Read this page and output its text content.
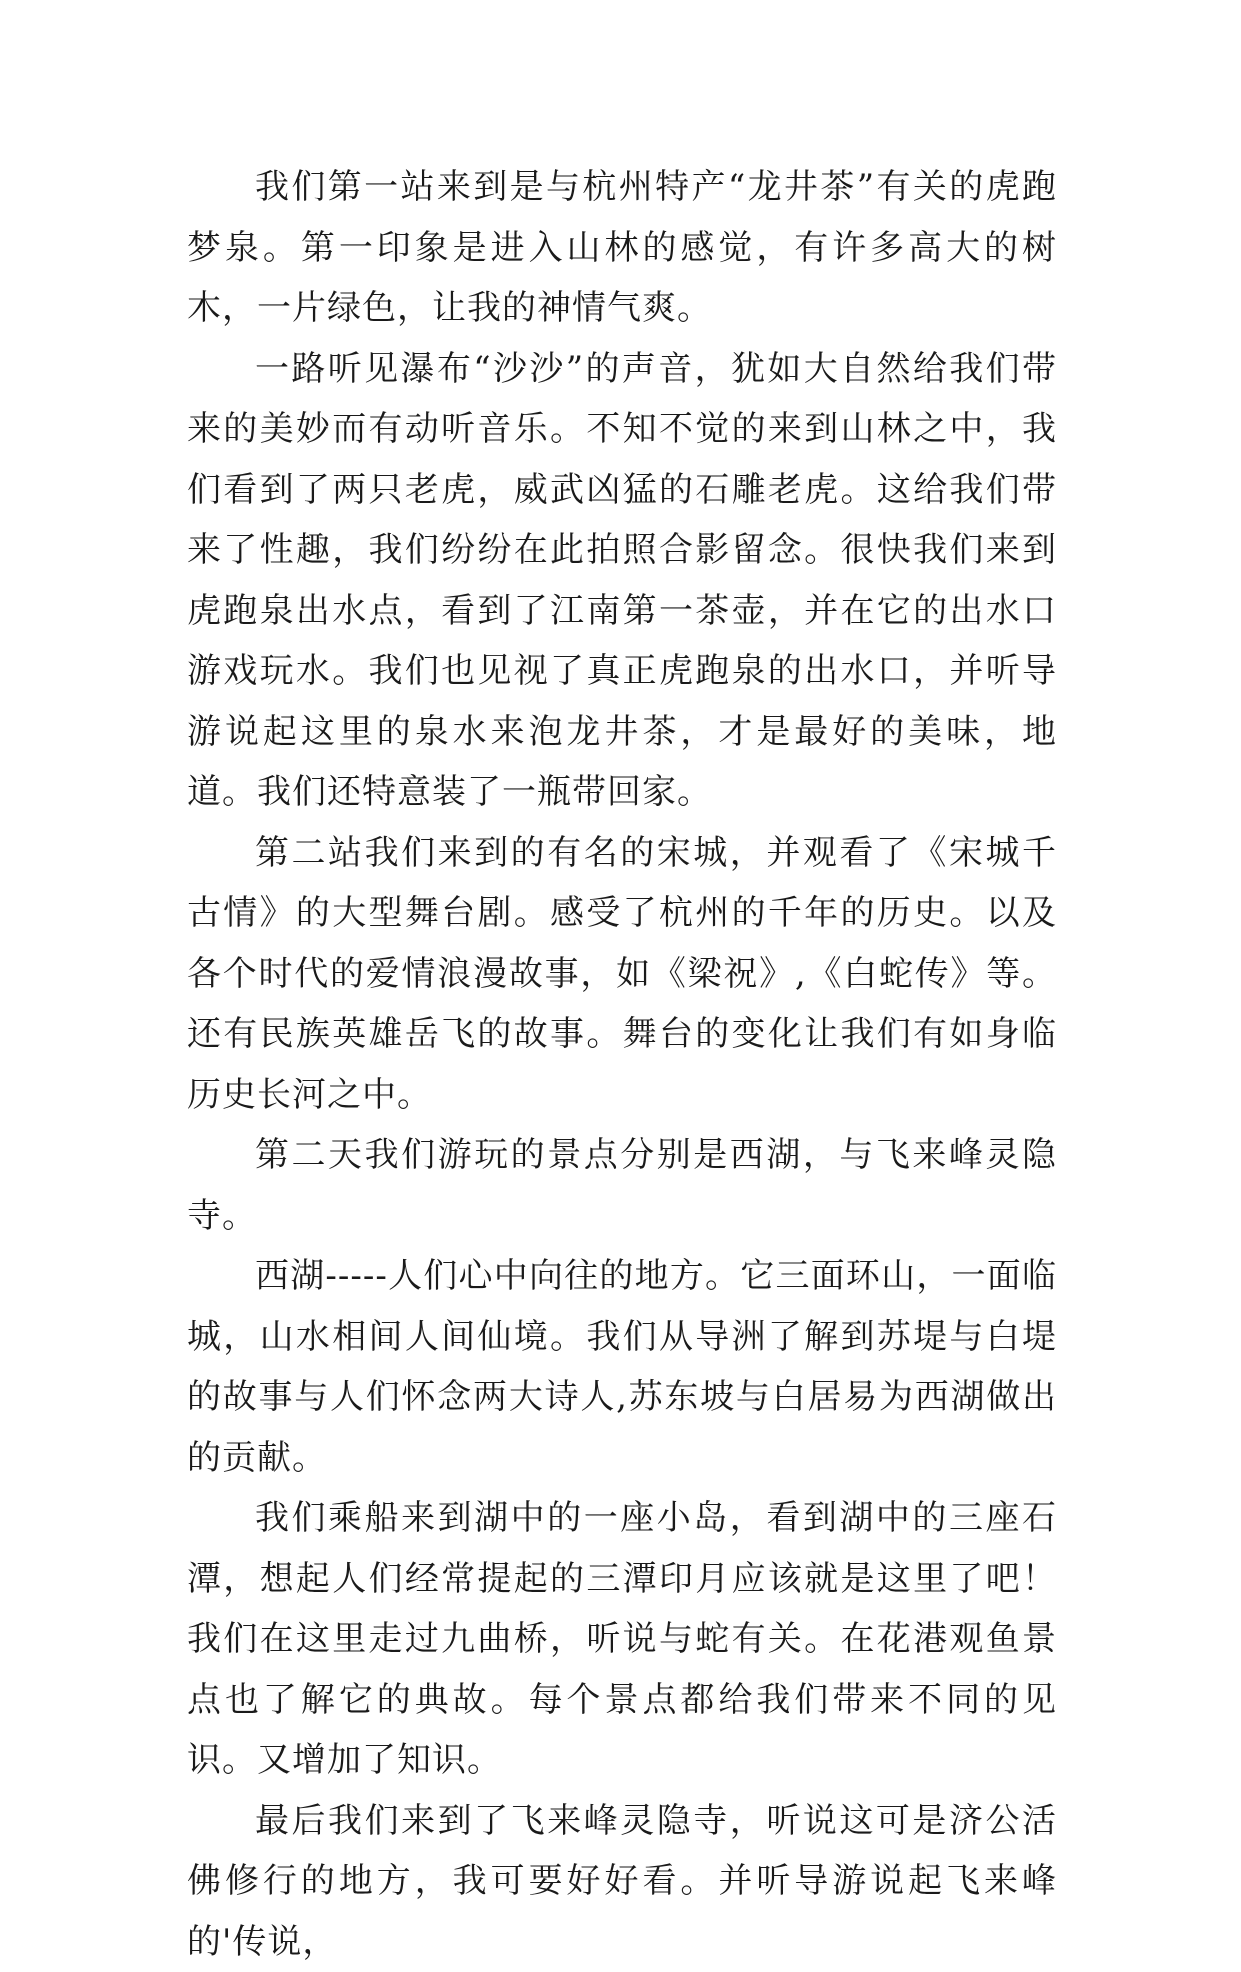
我们第一站来到是与杭州特产“龙井茶”有关的虎跑梦泉。第一印象是进入山林的感觉，有许多高大的树木，一片绿色，让我的神情气爽。

一路听见瀑布“沙沙”的声音，犹如大自然给我们带来的美妙而有动听音乐。不知不觉的来到山林之中，我们看到了两只老虎，威武凶猛的石雕老虎。这给我们带来了性趣，我们纷纷在此拍照合影留念。很快我们来到虎跑泉出水点，看到了江南第一茶壶，并在它的出水口游戏玩水。我们也见视了真正虎跑泉的出水口，并听导游说起这里的泉水来泡龙井茶，才是最好的美味，地道。我们还特意装了一瓶带回家。

第二站我们来到的有名的宋城，并观看了《宋城千古情》的大型舞台剧。感受了杭州的千年的历史。以及各个时代的爱情浪漫故事，如《梁祝》,《白蛇传》等。还有民族英雄岳飞的故事。舞台的变化让我们有如身临历史长河之中。

第二天我们游玩的景点分别是西湖，与飞来峰灵隐寺。

西湖-----人们心中向往的地方。它三面环山，一面临城，山水相间人间仙境。我们从导洲了解到苏堤与白堤的故事与人们怀念两大诗人,苏东坡与白居易为西湖做出的贡献。

我们乘船来到湖中的一座小岛，看到湖中的三座石潭，想起人们经常提起的三潭印月应该就是这里了吧！我们在这里走过九曲桥，听说与蛇有关。在花港观鱼景点也了解它的典故。每个景点都给我们带来不同的见识。又增加了知识。

最后我们来到了飞来峰灵隐寺，听说这可是济公活佛修行的地方，我可要好好看。并听导游说起飞来峰的'传说，
